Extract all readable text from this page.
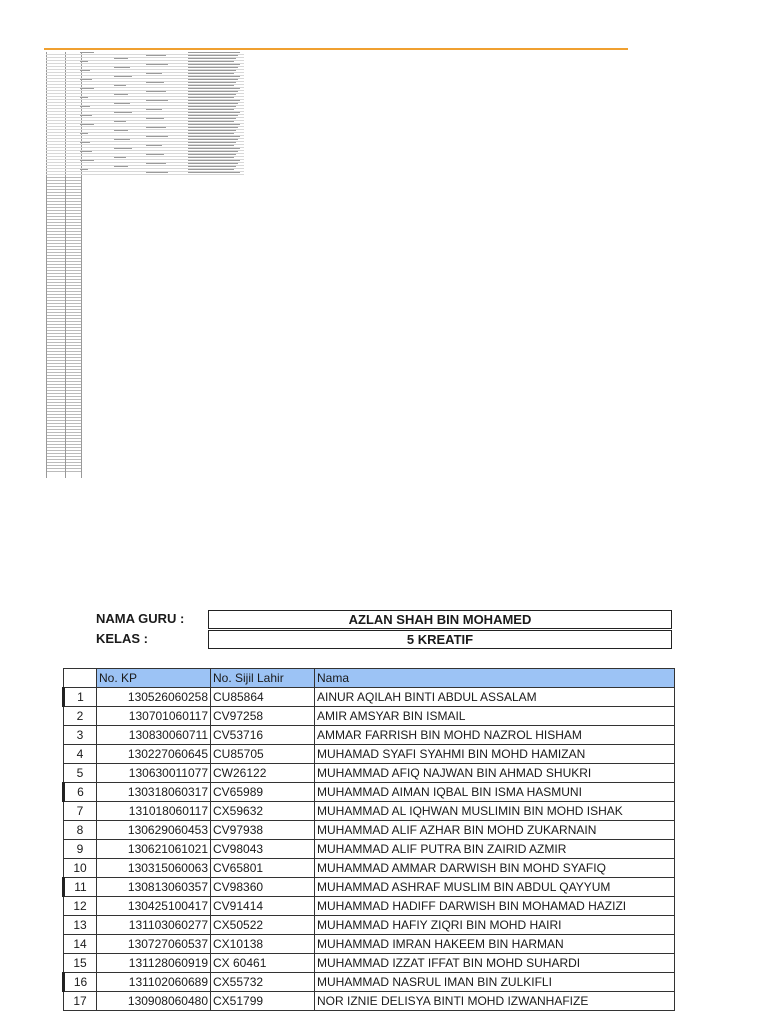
NAMA GURU :	AZLAN SHAH BIN MOHAMED
KELAS :	5 KREATIF
	No. KP	No. Sijil Lahir	Nama
1	130526060258	CU85864	AINUR AQILAH BINTI ABDUL ASSALAM
2	130701060117	CV97258	AMIR AMSYAR BIN ISMAIL
3	130830060711	CV53716	AMMAR FARRISH BIN MOHD NAZROL HISHAM
4	130227060645	CU85705	MUHAMAD SYAFI SYAHMI BIN MOHD HAMIZAN
5	130630011077	CW26122	MUHAMMAD AFIQ NAJWAN BIN AHMAD SHUKRI
6	130318060317	CV65989	MUHAMMAD AIMAN IQBAL BIN ISMA HASMUNI
7	131018060117	CX59632	MUHAMMAD AL IQHWAN MUSLIMIN BIN MOHD ISHAK
8	130629060453	CV97938	MUHAMMAD ALIF AZHAR BIN MOHD ZUKARNAIN
9	130621061021	CV98043	MUHAMMAD ALIF PUTRA BIN ZAIRID AZMIR
10	130315060063	CV65801	MUHAMMAD AMMAR DARWISH BIN MOHD SYAFIQ
11	130813060357	CV98360	MUHAMMAD ASHRAF MUSLIM BIN ABDUL QAYYUM
12	130425100417	CV91414	MUHAMMAD HADIFF DARWISH BIN MOHAMAD HAZIZI
13	131103060277	CX50522	MUHAMMAD HAFIY ZIQRI BIN MOHD HAIRI
14	130727060537	CX10138	MUHAMMAD IMRAN HAKEEM BIN HARMAN
15	131128060919	CX 60461	MUHAMMAD IZZAT IFFAT BIN MOHD SUHARDI
16	131102060689	CX55732	MUHAMMAD NASRUL IMAN BIN ZULKIFLI
17	130908060480	CX51799	NOR IZNIE DELISYA BINTI MOHD IZWANHAFIZE
